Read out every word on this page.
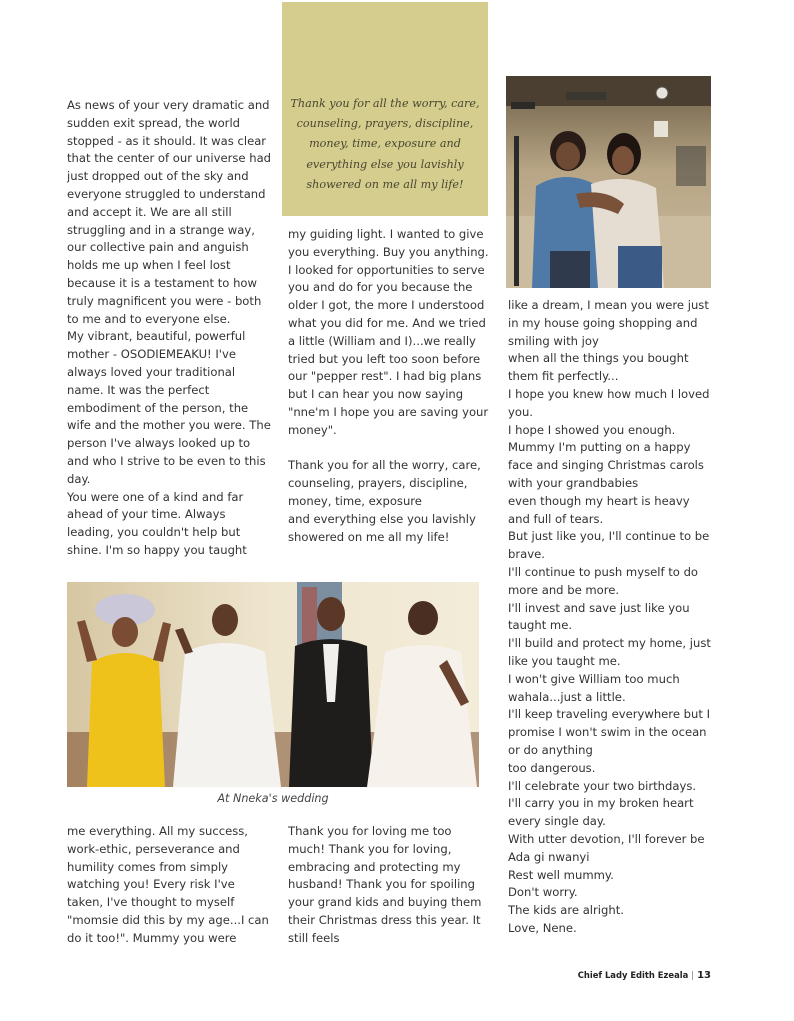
Thank you for all the worry, care, counseling, prayers, discipline, money, time, exposure and everything else you lavishly showered on me all my life!

As news of your very dramatic and sudden exit spread, the world stopped - as it should. It was clear that the center of our universe had just dropped out of the sky and everyone struggled to understand and accept it. We are all still struggling and in a strange way, our collective pain and anguish holds me up when I feel lost because it is a testament to how truly magnificent you were - both to me and to everyone else.

My vibrant, beautiful, powerful mother - OSODIEMEAKU! I've always loved your traditional name. It was the perfect embodiment of the person, the wife and the mother you were. The person I've always looked up to and who I strive to be even to this day.

You were one of a kind and far ahead of your time. Always leading, you couldn't help but shine. I'm so happy you taught

my guiding light. I wanted to give you everything. Buy you anything. I looked for opportunities to serve you and do for you because the older I got, the more I understood what you did for me. And we tried a little (William and I)...we really tried but you left too soon before our "pepper rest". I had big plans but I can hear you now saying "nne'm I hope you are saving your money".

Thank you for all the worry, care, counseling, prayers, discipline, money, time, exposure

and everything else you lavishly showered on me all my life!

like a dream, I mean you were just in my house going shopping and smiling with joy

when all the things you bought them fit perfectly...

I hope you knew how much I loved you.

I hope I showed you enough.

Mummy I'm putting on a happy face and singing Christmas carols with your grandbabies

even though my heart is heavy and full of tears.

But just like you, I'll continue to be brave.

I'll continue to push myself to do more and be more.

I'll invest and save just like you taught me.

I'll build and protect my home, just like you taught me.

I won't give William too much wahala...just a little.

I'll keep traveling everywhere but I promise I won't swim in the ocean or do anything

too dangerous.

I'll celebrate your two birthdays.

I'll carry you in my broken heart every single day.

With utter devotion, I'll forever be

Ada gi nwanyi

Rest well mummy.

Don't worry.

The kids are alright.

Love, Nene.

At Nneka's wedding

me everything. All my success, work-ethic, perseverance and humility comes from simply watching you! Every risk I've taken, I've thought to myself "momsie did this by my age...I can do it too!". Mummy you were

Thank you for loving me too much! Thank you for loving, embracing and protecting my husband! Thank you for spoiling your grand kids and buying them their Christmas dress this year. It still feels

Chief Lady Edith Ezeala | 13
